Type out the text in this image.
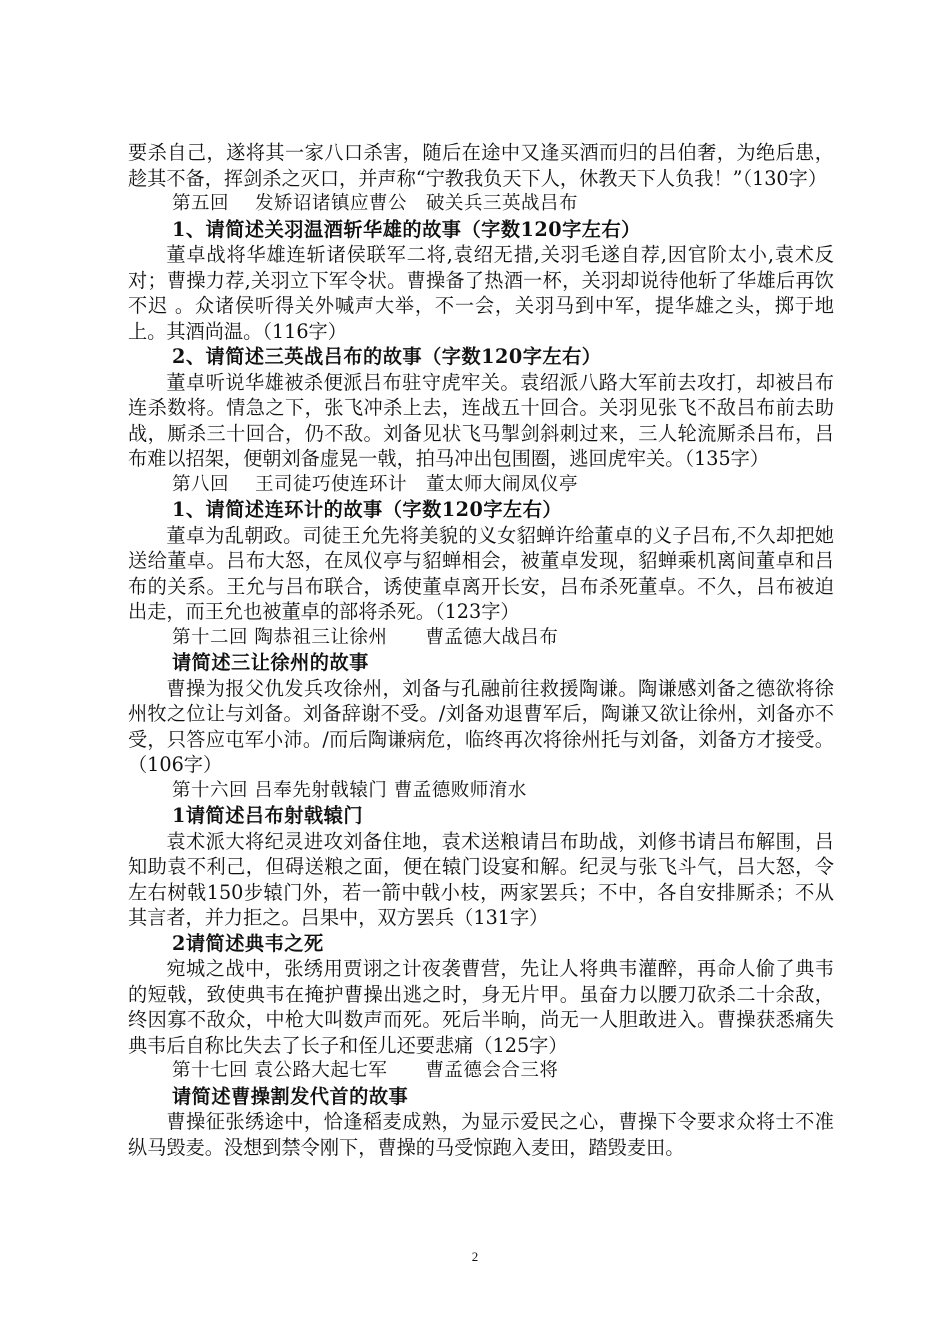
要杀自己，遂将其一家八口杀害，随后在途中又逢买酒而归的吕伯奢，为绝后患，趁其不备，挥剑杀之灭口，并声称“宁教我负天下人，休教天下人负我！”（130字）

第五回 发矫诏诸镇应曹公　破关兵三英战吕布

1、请简述关羽温酒斩华雄的故事（字数120字左右）

董卓战将华雄连斩诸侯联军二将,袁绍无措,关羽毛遂自荐,因官阶太小,袁术反对；曹操力荐,关羽立下军令状。曹操备了热酒一杯，关羽却说待他斩了华雄后再饮不迟 。众诸侯听得关外喊声大举，不一会，关羽马到中军，提华雄之头，掷于地上。其酒尚温。（116字）

2、请简述三英战吕布的故事（字数120字左右）

董卓听说华雄被杀便派吕布驻守虎牢关。袁绍派八路大军前去攻打，却被吕布连杀数将。情急之下，张飞冲杀上去，连战五十回合。关羽见张飞不敌吕布前去助战，厮杀三十回合，仍不敌。刘备见状飞马掣剑斜刺过来，三人轮流厮杀吕布，吕布难以招架，便朝刘备虚晃一戟，拍马冲出包围圈，逃回虎牢关。（135字）

第八回 王司徒巧使连环计　董太师大闹凤仪亭

1、请简述连环计的故事（字数120字左右）

董卓为乱朝政。司徒王允先将美貌的义女貂蝉许给董卓的义子吕布,不久却把她送给董卓。吕布大怒，在凤仪亭与貂蝉相会，被董卓发现，貂蝉乘机离间董卓和吕布的关系。王允与吕布联合，诱使董卓离开长安，吕布杀死董卓。不久，吕布被迫出走，而王允也被董卓的部将杀死。（123字）

第十二回 陶恭祖三让徐州　　曹孟德大战吕布

请简述三让徐州的故事

曹操为报父仇发兵攻徐州，刘备与孔融前往救援陶谦。陶谦感刘备之德欲将徐州牧之位让与刘备。刘备辞谢不受。/刘备劝退曹军后，陶谦又欲让徐州，刘备亦不受，只答应屯军小沛。/而后陶谦病危，临终再次将徐州托与刘备，刘备方才接受。（106字）

第十六回 吕奉先射戟辕门 曹孟德败师淯水

1请简述吕布射戟辕门

袁术派大将纪灵进攻刘备住地，袁术送粮请吕布助战，刘修书请吕布解围，吕知助袁不利己，但碍送粮之面，便在辕门设宴和解。纪灵与张飞斗气，吕大怒，令左右树戟150步辕门外，若一箭中戟小枝，两家罢兵；不中，各自安排厮杀；不从其言者，并力拒之。吕果中，双方罢兵（131字）

2请简述典韦之死

宛城之战中，张绣用贾诩之计夜袭曹营，先让人将典韦灌醉，再命人偷了典韦的短戟，致使典韦在掩护曹操出逃之时，身无片甲。虽奋力以腰刀砍杀二十余敌，终因寡不敌众，中枪大叫数声而死。死后半晌，尚无一人胆敢进入。曹操获悉痛失典韦后自称比失去了长子和侄儿还要悲痛（125字）

第十七回 袁公路大起七军　　曹孟德会合三将

请简述曹操割发代首的故事

曹操征张绣途中，恰逢稻麦成熟，为显示爱民之心，曹操下令要求众将士不准纵马毁麦。没想到禁令刚下，曹操的马受惊跑入麦田，踏毁麦田。

2
